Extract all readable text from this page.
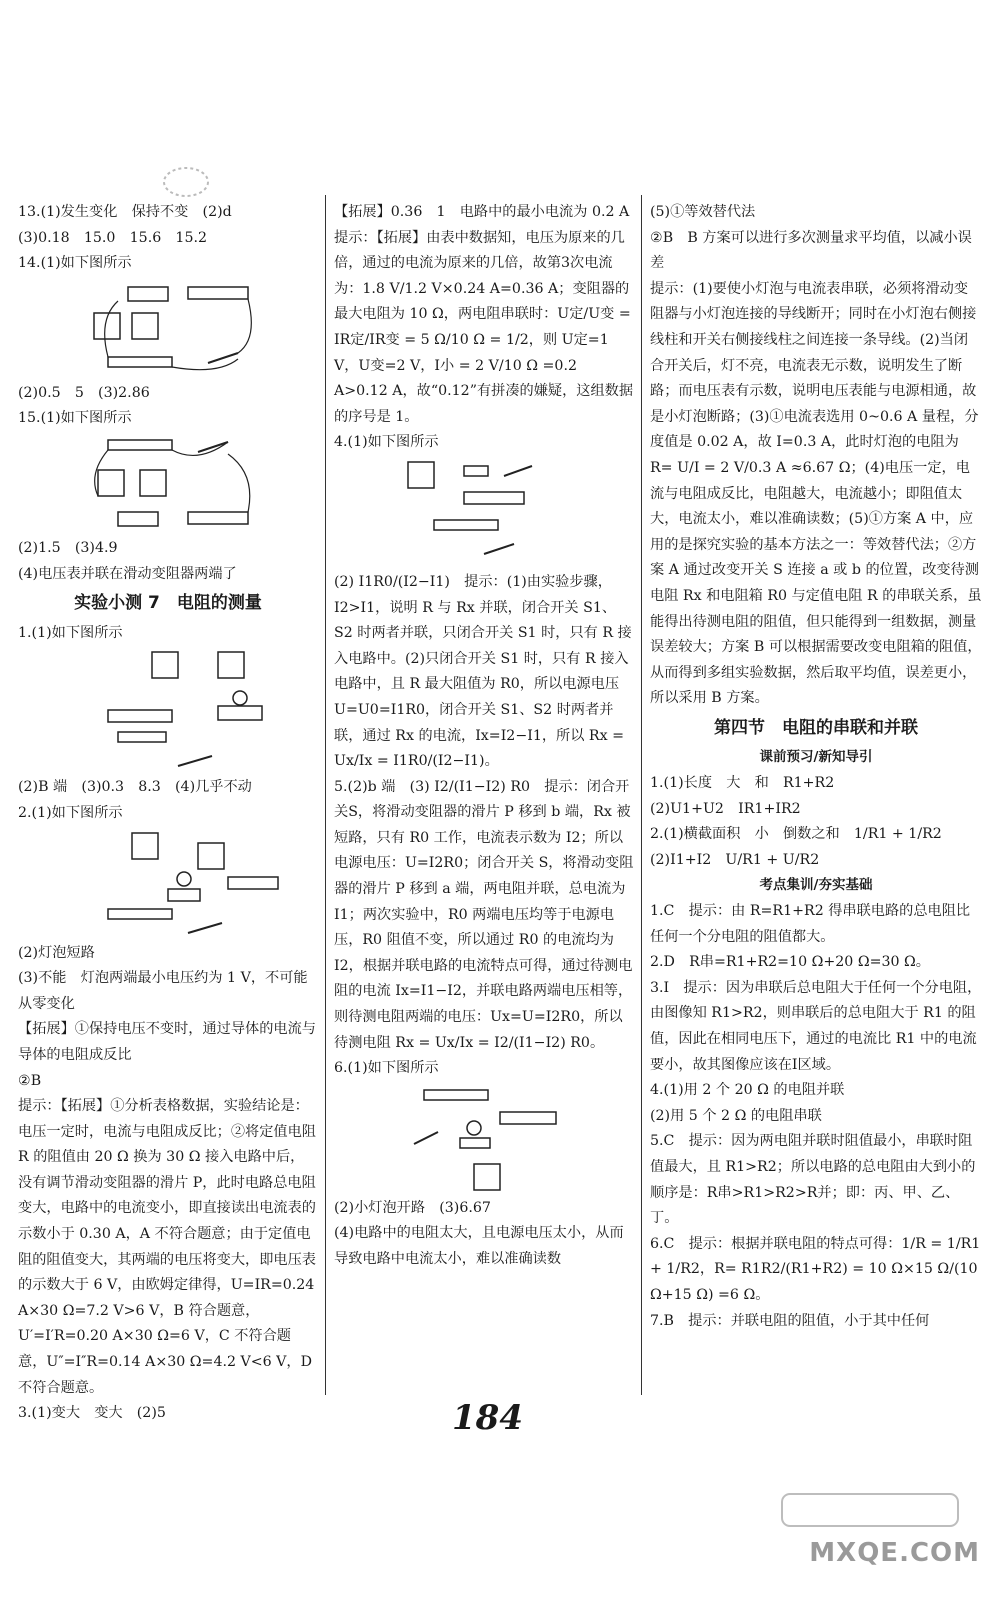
13.(1)发生变化　保持不变　(2)d
(3)0.18　15.0　15.6　15.2
14.(1)如下图所示
(2)0.5　5　(3)2.86
15.(1)如下图所示
(2)1.5　(3)4.9
(4)电压表并联在滑动变阻器两端了
实验小测 7　电阻的测量
1.(1)如下图所示
(2)B 端　(3)0.3　8.3　(4)几乎不动
2.(1)如下图所示
(2)灯泡短路
(3)不能　灯泡两端最小电压约为 1 V，不可能从零变化
【拓展】①保持电压不变时，通过导体的电流与导体的电阻成反比
②B
提示：【拓展】①分析表格数据，实验结论是：电压一定时，电流与电阻成反比；②将定值电阻 R 的阻值由 20 Ω 换为 30 Ω 接入电路中后，没有调节滑动变阻器的滑片 P，此时电路总电阻变大，电路中的电流变小，即直接读出电流表的示数小于 0.30 A，A 不符合题意；由于定值电阻的阻值变大，其两端的电压将变大，即电压表的示数大于 6 V，由欧姆定律得，U=IR=0.24 A×30 Ω=7.2 V>6 V，B 符合题意，U′=I′R=0.20 A×30 Ω=6 V，C 不符合题意，U″=I″R=0.14 A×30 Ω=4.2 V<6 V，D 不符合题意。
3.(1)变大　变大　(2)5
【拓展】0.36　1　电路中的最小电流为 0.2 A
提示：【拓展】由表中数据知，电压为原来的几倍，通过的电流为原来的几倍，故第3次电流为：1.8 V/1.2 V×0.24 A=0.36 A；变阻器的最大电阻为 10 Ω，两电阻串联时：U定/U变 = IR定/IR变 = 5 Ω/10 Ω = 1/2，则 U定=1 V，U变=2 V，I小 = 2 V/10 Ω =0.2 A>0.12 A，故“0.12”有拼凑的嫌疑，这组数据的序号是 1。
4.(1)如下图所示
(2) I1R0/(I2−I1)　提示：(1)由实验步骤，I2>I1，说明 R 与 Rx 并联，闭合开关 S1、S2 时两者并联，只闭合开关 S1 时，只有 R 接入电路中。(2)只闭合开关 S1 时，只有 R 接入电路中，且 R 最大阻值为 R0，所以电源电压 U=U0=I1R0，闭合开关 S1、S2 时两者并联，通过 Rx 的电流，Ix=I2−I1，所以 Rx = Ux/Ix = I1R0/(I2−I1)。
5.(2)b 端　(3) I2/(I1−I2) R0　提示：闭合开关S，将滑动变阻器的滑片 P 移到 b 端，Rx 被短路，只有 R0 工作，电流表示数为 I2；所以电源电压：U=I2R0；闭合开关 S，将滑动变阻器的滑片 P 移到 a 端，两电阻并联，总电流为 I1；两次实验中，R0 两端电压均等于电源电压，R0 阻值不变，所以通过 R0 的电流均为 I2，根据并联电路的电流特点可得，通过待测电阻的电流 Ix=I1−I2，并联电路两端电压相等，则待测电阻两端的电压：Ux=U=I2R0，所以待测电阻 Rx = Ux/Ix = I2/(I1−I2) R0。
6.(1)如下图所示
(2)小灯泡开路　(3)6.67
(4)电路中的电阻太大，且电源电压太小，从而导致电路中电流太小，难以准确读数
(5)①等效替代法
②B　B 方案可以进行多次测量求平均值，以减小误差
提示：(1)要使小灯泡与电流表串联，必须将滑动变阻器与小灯泡连接的导线断开；同时在小灯泡右侧接线柱和开关右侧接线柱之间连接一条导线。(2)当闭合开关后，灯不亮，电流表无示数，说明发生了断路；而电压表有示数，说明电压表能与电源相通，故是小灯泡断路；(3)①电流表选用 0~0.6 A 量程，分度值是 0.02 A，故 I=0.3 A，此时灯泡的电阻为 R= U/I = 2 V/0.3 A ≈6.67 Ω；(4)电压一定，电流与电阻成反比，电阻越大，电流越小；即阻值太大，电流太小，难以准确读数；(5)①方案 A 中，应用的是探究实验的基本方法之一：等效替代法；②方案 A 通过改变开关 S 连接 a 或 b 的位置，改变待测电阻 Rx 和电阻箱 R0 与定值电阻 R 的串联关系，虽能得出待测电阻的阻值，但只能得到一组数据，测量误差较大；方案 B 可以根据需要改变电阻箱的阻值，从而得到多组实验数据，然后取平均值，误差更小，所以采用 B 方案。
第四节　电阻的串联和并联
课前预习/新知导引
1.(1)长度　大　和　R1+R2
(2)U1+U2　IR1+IR2
2.(1)横截面积　小　倒数之和　1/R1 + 1/R2
(2)I1+I2　U/R1 + U/R2
考点集训/夯实基础
1.C　提示：由 R=R1+R2 得串联电路的总电阻比任何一个分电阻的阻值都大。
2.D　R串=R1+R2=10 Ω+20 Ω=30 Ω。
3.Ⅰ　提示：因为串联后总电阻大于任何一个分电阻，由图像知 R1>R2，则串联后的总电阻大于 R1 的阻值，因此在相同电压下，通过的电流比 R1 中的电流要小，故其图像应该在Ⅰ区域。
4.(1)用 2 个 20 Ω 的电阻并联
(2)用 5 个 2 Ω 的电阻串联
5.C　提示：因为两电阻并联时阻值最小，串联时阻值最大，且 R1>R2；所以电路的总电阻由大到小的顺序是：R串>R1>R2>R并；即：丙、甲、乙、丁。
6.C　提示：根据并联电阻的特点可得：1/R = 1/R1 + 1/R2，R= R1R2/(R1+R2) = 10 Ω×15 Ω/(10 Ω+15 Ω) =6 Ω。
7.B　提示：并联电阻的阻值，小于其中任何
184
MXQE.COM
